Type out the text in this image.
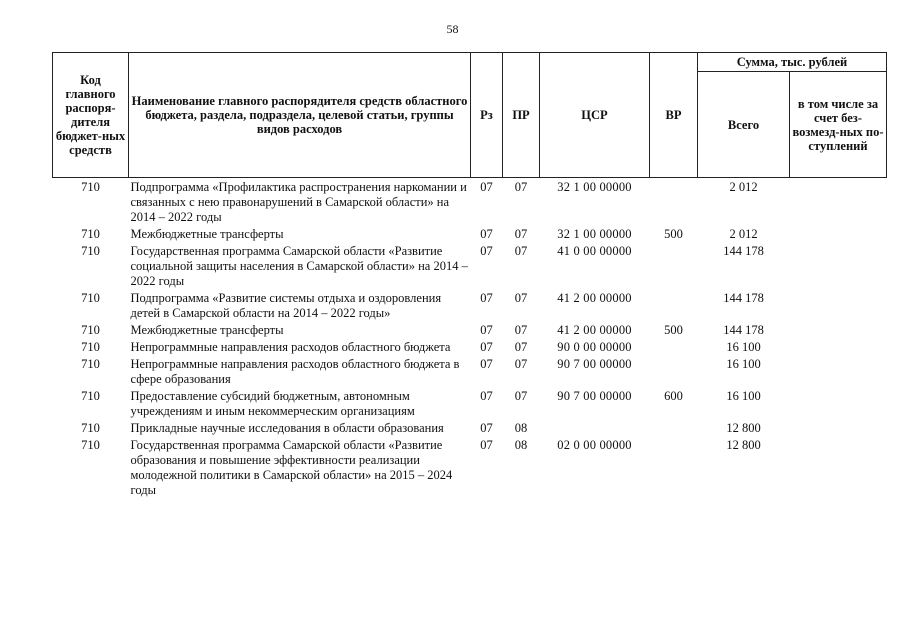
58
Код главного распоря-дителя бюджет-ных средств	Наименование главного распорядителя средств областного бюджета, раздела, подраздела, целевой статьи, группы видов расходов	Рз	ПР	ЦСР	ВР	Сумма, тыс. рублей	
						Всего	в том числе за счет без-возмезд-ных по-ступлений
710	Подпрограмма «Профилактика распространения наркомании и связанных с нею правонарушений в Самарской области» на 2014 – 2022 годы	07	07	32 1 00 00000		2 012	
710	Межбюджетные трансферты	07	07	32 1 00 00000	500	2 012	
710	Государственная программа Самарской области «Развитие социальной защиты населения в Самарской области» на 2014 – 2022 годы	07	07	41 0 00 00000		144 178	
710	Подпрограмма «Развитие системы отдыха и оздоровления детей в Самарской области на 2014 – 2022 годы»	07	07	41 2 00 00000		144 178	
710	Межбюджетные трансферты	07	07	41 2 00 00000	500	144 178	
710	Непрограммные направления расходов областного бюджета	07	07	90 0 00 00000		16 100	
710	Непрограммные направления расходов областного бюджета в сфере образования	07	07	90 7 00 00000		16 100	
710	Предоставление субсидий бюджетным, автономным учреждениям и иным некоммерческим организациям	07	07	90 7 00 00000	600	16 100	
710	Прикладные научные исследования в области образования	07	08			12 800	
710	Государственная программа Самарской области «Развитие образования и повышение эффективности реализации молодежной политики в Самарской области» на 2015 – 2024 годы	07	08	02 0 00 00000		12 800	
